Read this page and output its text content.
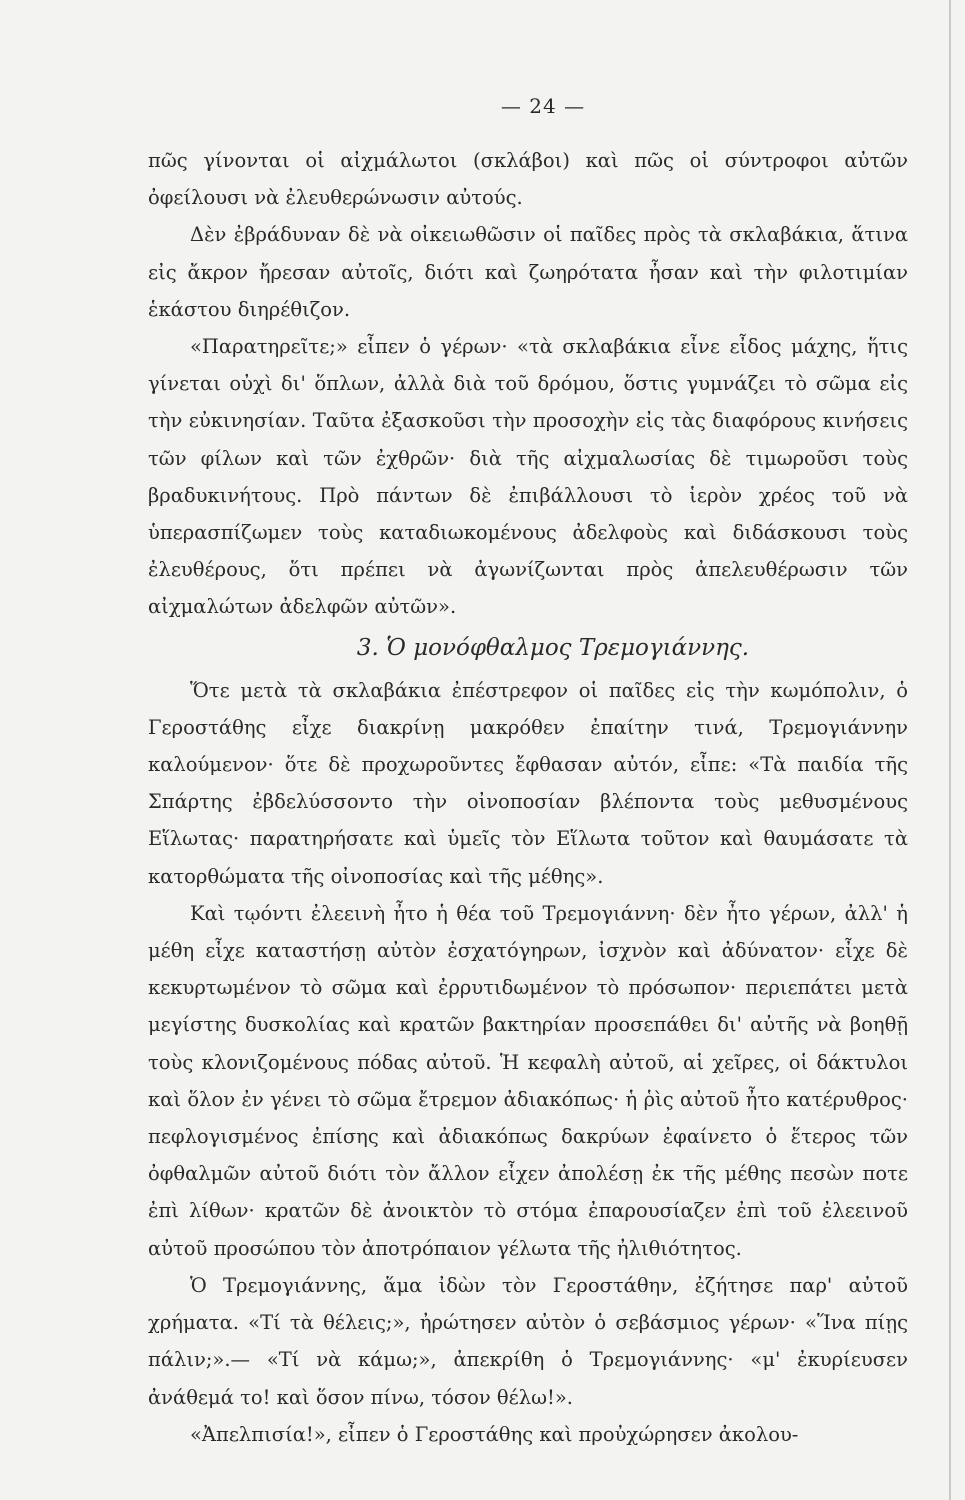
— 24 —

πῶς γίνονται οἱ αἰχμάλωτοι (σκλάβοι) καὶ πῶς οἱ σύντροφοι αὐτῶν ὀφείλουσι νὰ ἐλευθερώνωσιν αὐτούς.

Δὲν ἐβράδυναν δὲ νὰ οἰκειωθῶσιν οἱ παῖδες πρὸς τὰ σκλαβάκια, ἅτινα εἰς ἄκρον ἤρεσαν αὐτοῖς, διότι καὶ ζωηρότατα ἦσαν καὶ τὴν φιλοτιμίαν ἑκάστου διηρέθιζον.

«Παρατηρεῖτε;» εἶπεν ὁ γέρων· «τὰ σκλαβάκια εἶνε εἶδος μάχης, ἥτις γίνεται οὐχὶ δι' ὅπλων, ἀλλὰ διὰ τοῦ δρόμου, ὅστις γυμνάζει τὸ σῶμα εἰς τὴν εὐκινησίαν. Ταῦτα ἐξασκοῦσι τὴν προσοχὴν εἰς τὰς διαφόρους κινήσεις τῶν φίλων καὶ τῶν ἐχθρῶν· διὰ τῆς αἰχμαλωσίας δὲ τιμωροῦσι τοὺς βραδυκινήτους. Πρὸ πάντων δὲ ἐπιβάλλουσι τὸ ἱερὸν χρέος τοῦ νὰ ὑπερασπίζωμεν τοὺς καταδιωκομένους ἀδελφοὺς καὶ διδάσκουσι τοὺς ἐλευθέρους, ὅτι πρέπει νὰ ἀγωνίζωνται πρὸς ἀπελευθέρωσιν τῶν αἰχμαλώτων ἀδελφῶν αὐτῶν».

3. Ὁ μονόφθαλμος Τρεμογιάννης.

Ὅτε μετὰ τὰ σκλαβάκια ἐπέστρεφον οἱ παῖδες εἰς τὴν κωμόπολιν, ὁ Γεροστάθης εἶχε διακρίνῃ μακρόθεν ἐπαίτην τινά, Τρεμογιάννην καλούμενον· ὅτε δὲ προχωροῦντες ἔφθασαν αὐτόν, εἶπε: «Τὰ παιδία τῆς Σπάρτης ἐβδελύσσοντο τὴν οἰνοποσίαν βλέποντα τοὺς μεθυσμένους Εἵλωτας· παρατηρήσατε καὶ ὑμεῖς τὸν Εἵλωτα τοῦτον καὶ θαυμάσατε τὰ κατορθώματα τῆς οἰνοποσίας καὶ τῆς μέθης».

Καὶ τῳόντι ἐλεεινὴ ἦτο ἡ θέα τοῦ Τρεμογιάννη· δὲν ἦτο γέρων, ἀλλ' ἡ μέθη εἶχε καταστήσῃ αὐτὸν ἐσχατόγηρων, ἰσχνὸν καὶ ἀδύνατον· εἶχε δὲ κεκυρτωμένον τὸ σῶμα καὶ ἐρρυτιδωμένον τὸ πρόσωπον· περιεπάτει μετὰ μεγίστης δυσκολίας καὶ κρατῶν βακτηρίαν προσεπάθει δι' αὐτῆς νὰ βοηθῇ τοὺς κλονιζομένους πόδας αὐτοῦ. Ἡ κεφαλὴ αὐτοῦ, αἱ χεῖρες, οἱ δάκτυλοι καὶ ὅλον ἐν γένει τὸ σῶμα ἔτρεμον ἀδιακόπως· ἡ ῥὶς αὐτοῦ ἦτο κατέρυθρος· πεφλογισμένος ἐπίσης καὶ ἀδιακόπως δακρύων ἐφαίνετο ὁ ἕτερος τῶν ὀφθαλμῶν αὐτοῦ διότι τὸν ἄλλον εἶχεν ἀπολέσῃ ἐκ τῆς μέθης πεσὼν ποτε ἐπὶ λίθων· κρατῶν δὲ ἀνοικτὸν τὸ στόμα ἐπαρουσίαζεν ἐπὶ τοῦ ἐλεεινοῦ αὐτοῦ προσώπου τὸν ἀποτρόπαιον γέλωτα τῆς ἠλιθιότητος.

Ὁ Τρεμογιάννης, ἅμα ἰδὼν τὸν Γεροστάθην, ἐζήτησε παρ' αὐτοῦ χρήματα. «Τί τὰ θέλεις;», ἠρώτησεν αὐτὸν ὁ σεβάσμιος γέρων· «Ἵνα πίῃς πάλιν;».— «Τί νὰ κάμω;», ἀπεκρίθη ὁ Τρεμογιάννης· «μ' ἐκυρίευσεν ἀνάθεμά το! καὶ ὅσον πίνω, τόσον θέλω!».

«Ἀπελπισία!», εἶπεν ὁ Γεροστάθης καὶ προὐχώρησεν ἀκολου-
